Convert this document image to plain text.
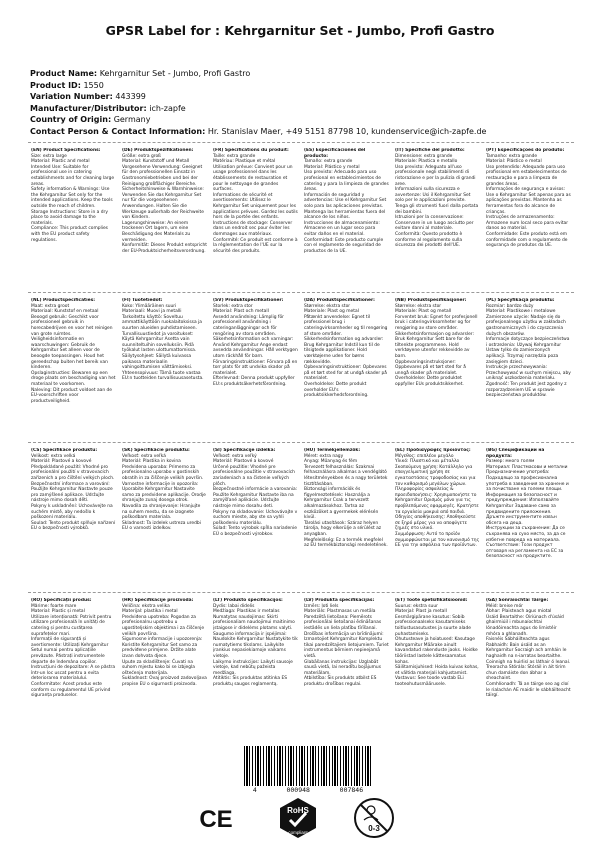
GPSR Label for : Kehrgarnitur Set - Jumbo, Profi Gastro
Product Name: Kehrgarnitur Set - Jumbo, Profi Gastro
Product ID: 1550
Variation Number: 443399
Manufacturer/Distributor: ich-zapfe
Country of Origin: Germany
Contact Person & Contact Information: Hr. Stanislav Maer, +49 5151 87798 10, kundenservice@ich-zapfe.de
(EN) Product Specifications:
Size: extra large
Material: Plastic and metal
Intended Use: Suitable for professional use in catering establishments and for cleaning large areas.
Safety information & Warnings: Use the Kehrgarnitur Set only for the intended applications. Keep the tools outside the reach of children.
Storage Instructions: Store in a dry place to avoid damage to the materials.
Compliance: This product complies with the EU product safety regulations.
(DE) Produktspezifikationen:
Größe: extra groß
Material: Kunststoff und Metall
Vorgesehene Verwendung: Geeignet für den professionellen Einsatz in Gastronomiebetrieben und bei der Reinigung großflächiger Bereiche.
Sicherheitshinweise & Warnhinweise: Verwenden Sie das Kehrgarnitur Set nur für die vorgesehenen Anwendungen. Halten Sie die Werkzeuge außerhalb der Reichweite von Kindern.
Lagerungshinweise: An einem trockenen Ort lagern, um eine Beschädigung des Materials zu vermeiden.
Konformität: Dieses Produkt entspricht der EU-Produktsicherheitsverordnung.
(FR) Spécifications du produit:
Taille: extra grande
Matériau: Plastique et métal
Utilisation prévue: Convient pour un usage professionnel dans les établissements de restauration et pour le nettoyage de grandes surfaces.
Informations de sécurité et avertissements: Utilisez le Kehrgarnitur Set uniquement pour les applications prévues. Gardez les outils hors de la portée des enfants.
Instructions de stockage: Conserver dans un endroit sec pour éviter les dommages aux matériaux.
Conformité: Ce produit est conforme à la réglementation de l'UE sur la sécurité des produits.
(ES) Especificaciones del producto:
Tamaño: extra grande
Material: Plástico y metal
Uso previsto: Adecuado para uso profesional en establecimientos de catering y para la limpieza de grandes áreas.
Información de seguridad y advertencias: Use el Kehrgarnitur Set solo para las aplicaciones previstas. Mantenga las herramientas fuera del alcance de los niños.
Instrucciones de almacenamiento: Almacene en un lugar seco para evitar daños en el material.
Conformidad: Este producto cumple con el reglamento de seguridad de productos de la UE.
(IT) Specifiche del prodotto:
Dimensione: extra grande
Materiale: Plastica e metallo
Uso previsto: Adeguato all'uso professionale negli stabilimenti di ristorazione e per la pulizia di grandi aree.
Informazioni sulla sicurezza e avvertenze: Usi il Kehrgarnitur Set solo per le applicazioni previste. Tenga gli strumenti fuori dalla portata dei bambini.
Istruzioni per la conservazione: Conservare in un luogo asciutto per evitare danni al materiale.
Conformità: Questo prodotto è conforme al regolamento sulla sicurezza dei prodotti dell'UE.
(PT) Especificações do produto:
Tamanho: extra grande
Material: Plástico e metal
Uso pretendido: Adequado para uso profissional em estabelecimentos de restauração e para a limpeza de grandes áreas.
Informações de segurança e avisos: Use o Kehrgarnitur Set apenas para as aplicações previstas. Mantenha as ferramentas fora do alcance de crianças.
Instruções de armazenamento: Armazene num local seco para evitar danos ao material.
Conformidade: Este produto está em conformidade com o regulamento de segurança de produtos da UE.
(NL) Productspecificaties:
Maat: extra groot
Materiaal: Kunststof en metaal
Beoogd gebruik: Geschikt voor professioneel gebruik in horecabedrijven en voor het reinigen van grote ruimtes.
Veiligheidsinformatie en waarschuwingen: Gebruik de Kehrgarnitur Set alleen voor de beoogde toepassingen. Houd het gereedschap buiten het bereik van kinderen.
Opslaginstructies: Bewaren op een droge plaats om beschadiging van het materiaal te voorkomen.
Naleving: Dit product voldoet aan de EU-voorschriften voor productveiligheid.
(FI) Tuotetiedot:
Koko: Ylimääräinen suuri
Materiaali: Muovi ja metalli
Tarkoitettu käyttö: Soveltuu ammattikäyttöön ruokalaitoksissa ja suurten alueiden puhdistamiseen.
Turvallisuustiedot ja varoitukset: Käytä Kehrgarnitur Asetta vain suunniteltuihin sovelluksiin. Pidä työkalut lasten ulottumattomissa.
Säilytysohjeet: Säilytä kuivassa paikassa materiaalin vahingoittumisen välttämiseksi.
Yhteensopivuus: Tämä tuote vastaa EU:n tuotteiden turvallisuusasetusta.
(SV) Produktspecifikationer:
Storlek: extra stor
Material: Plast och metall
Avsedd användning: Lämplig för professionell användning i cateringanläggningar och för rengöring av stora områden.
Säkerhetsinformation och varningar: Använd Kehrgarnitur Ange endast avsedda användningar. Håll verktygen utom räckhåll för barn.
Förvaringsinstruktioner: Förvara på en torr plats för att undvika skador på materialet.
Efterlevnad: Denna produkt uppfyller EU:s produktsäkerhetsförordning.
(DA) Produktspecifikationer:
Størrelse: ekstra stor
Materiale: Plast og metal
Påtænkt anvendelse: Egnet til professionel brug i cateringvirksomheder og til rengøring af store områder.
Sikkerhedsinformation og advarsler: Brug Kehrgarnitur Indstil kun til de tilsigtede applikationer. Hold værktøjerne uden for børns rækkevidde.
Opbevaringsinstruktioner: Opbevares på et tørt sted for at undgå skader på materialet.
Overholdelse: Dette produkt overholder EU's produktsikkerhedsforordning.
(NB) Produktspesifikasjoner:
Størrelse: ekstra stor
Materiale: Plast og metall
Forventet bruk: Egnet for profesjonell bruk i cateringvirksomheter og for rengjøring av store områder.
Sikkerhetsinformasjon og advarsler: Bruk Kehrgarnitur Sett bare for de tiltenkte programmene. Hold verktøyene utenfor rekkevidde av barn.
Oppbevaringsinstruksjoner: Oppbevares på et tørt sted for å unngå skader på materialet.
Overholdelse: Dette produktet oppfyller EUs produktsikkerhet.
(PL) Specyfikacja produktu:
Rozmiar: bardzo duży
Materiał: Plastikowe i metalowe
Zamierzone użycie: Nadaje się do profesjonalnego użytku w zakładach gastronomicznych i do czyszczenia dużych obszarów.
Informacje dotyczące bezpieczeństwa i ostrzeżenia: Używaj Kehrgarnitur Ustaw tylko do zamierzonych aplikacji. Trzymaj narzędzia poza zasięgiem dzieci.
Instrukcje przechowywania: Przechowywać w suchym miejscu, aby uniknąć uszkodzenia materiału.
Zgodność: Ten produkt jest zgodny z rozporządzeniem UE w sprawie bezpieczeństwa produktów.
(CS) Specifikace produktu:
Velikost: extra velká
Materiál: Plastové a kovové
Předpokládané použití: Vhodné pro profesionální použití v stravovacích zařízeních a pro čištění velkých ploch.
Bezpečnostní informace a varování: Použijte Kehrgarnitur Nastavte pouze pro zamýšlené aplikace. Udržujte nástroje mimo dosah dětí.
Pokyny k uskladnění: Uchovávejte na suchém místě, aby nedošlo k poškození materiálu.
Soulad: Tento produkt splňuje nařízení EU o bezpečnosti výrobků.
(SK) Špecifikácie produktu:
Veľkosť: extra veľká
Materiál: Plastika in kovina
Predvidena uporaba: Primerno za profesionalno uporabo v gostinskih obratih in za čiščenje velikih površin.
Varnostne informacije in opozorila: Uporabite Kehrgarnitur Nastavite samo za predvidene aplikacije. Orodje shranjujte zunaj dosega otrok.
Navodila za shranjevanje: Hranjujte na suhem mestu, da se izognete poškodbam materiala.
Skladnost: Ta izdelek ustreza uredbi EU o varnosti izdelkov.
(SI) Specifikacije izdelka:
Veľkosť: extra veľký
Materiál: Plastové a kovové
Určené použitie: Vhodné pre profesionálne použitie v stravovacích zariadeniach a na čistenie veľkých plôch.
Bezpečnostné informácie a varovania: Použite Kehrgarnitur Nastavte iba na zamýšľané aplikácie. Udržujte nástroje mimo dosahu detí.
Pokyny na skladovanie: Uchovávajte v suchom mieste, aby ste sa vyhli poškodeniu materiálu.
Súlad: Tento výrobok spĺňa nariadenie EÚ o bezpečnosti výrobkov.
(HU) Termékjellemzők:
Méret: extra nagy
Anyag: Műanyag és fém
Tervezett felhasználás: Szakmai felhasználásra alkalmas a vendéglátó létesítményekben és a nagy területek tisztításában.
Biztonsági információk és figyelmeztetések: Használja a Kehrgarnitur Csak a tervezett alkalmazásokhoz. Tartsa az eszközöket a gyermekek elérésén kívül.
Tárolási utasítások: Száraz helyen tárolja, hogy elkerülje a sérülést az anyagban.
Megfelelőség: Ez a termék megfelel az EU termékbiztonsági rendeletének.
(EL) Προδιαγραφές προϊόντος:
Μέγεθος: επιπλέον μεγάλο
Υλικό: Πλαστικό και μέταλλο
Σκοπούμενη χρήση: Κατάλληλο για επαγγελματική χρήση σε εγκαταστάσεις τροφοδοσίας και για τον καθαρισμό μεγάλων χώρων.
Πληροφορίες ασφαλείας & προειδοποιήσεις: Χρησιμοποιήστε το Kehrgarnitur Ορισμός μόνο για τις προβλεπόμενες εφαρμογές. Κρατήστε τα εργαλεία μακριά από παιδιά.
Οδηγίες αποθήκευσης: Αποθηκεύστε σε ξηρό μέρος για να αποφύγετε ζημιές στο υλικό.
Συμμόρφωση: Αυτό το προϊόν συμμορφώνεται με τον κανονισμό της ΕΕ για την ασφάλεια των προϊόντων.
(BG) Спецификации на продукта:
Размер: много голям
Материал: Пластмасови и метални
Предназначение употреба: Подходящо за професионална употреба в заведения за хранене и за почистване на големи площи.
Информация за безопасност и предупреждения: Използвайте Kehrgarnitur Задаване само за предвидените приложения. Дръжте инструментите извън обсега на деца.
Инструкции за съхранение: Да се съхранява на сухо място, за да се избегне повреда на материала.
Съответствие: Този продукт отговаря на регламента на ЕС за безопасност на продуктите.
(RO) Specificații produs:
Mărime: foarte mare
Material: Plastic și metal
Utilizare intenționată: Potrivit pentru utilizare profesională în unități de catering și pentru curățarea suprafețelor mari.
Informații de siguranță și avertismente: Utilizați Kehrgarnitur Setul numai pentru aplicațiile prevăzute. Păstrați instrumentele departe de îndemâna copiilor.
Instrucțiuni de depozitare: A se păstra într-un loc uscat pentru a evita deteriorarea materialului.
Conformitate: Acest produs este conform cu regulamentul UE privind siguranța produselor.
(HR) Specifikacije proizvoda:
Veličina: ekstra velika
Materijal: plastika i metal
Predviđena upotreba: Pogodan za profesionalnu upotrebu u ugostiteljskim objektima i za čišćenje velikih površina.
Sigurnosne informacije i upozorenja: Koristite Kehrgarnitur Set samo za predviđene primjene. Držite alate izvan dohvata djece.
Upute za skladištenje: Čuvati na suhom mjestu kako bi se izbjegla oštećenja materijala.
Sukladnost: Ovaj proizvod zadovoljava propise EU o sigurnosti proizvoda.
(LT) Produkto specifikacijos:
Dydis: labai didelis
Medžiaga: Plastikas ir metalas
Numatytas naudojimas: Skirti profesionaliam naudojimui maitinimo įstaigose ir didelėms plotams valyti.
Saugumo informacija ir įspėjimai: Naudokite Kehrgarnitur Nustatykite tik numatytiems tikslams. Laikykite įrankius nepasiekiamoje vaikams vietoje.
Laikymo instrukcijos: Laikyti sausoje vietoje, kad nebūtų pažeista medžiaga.
Atitiktis: Šis produktas atitinka ES produktų saugos reglamentą.
(LV) Produkta specifikācijas:
Izmērs: ļoti liels
Materiāls: Plastmasas un metāla
Paredzētā lietošana: Piemērots profesionālai lietošanai ēdināšanas iestādēs un liela platību tīrīšanai.
Drošības informācija un brīdinājumi: Izmantojiet Kehrgarnitur Komplektu tikai paredzētajiem lietojumiem. Turiet instrumentus bērniem nepieejamā vietā.
Glabāšanas instrukcijas: Uzglabāt sausā vietā, lai neradītu bojājumus materiālam.
Atbilstība: Šis produkts atbilst ES produktu drošības regulai.
(ET) Toote spetsifikatsioonid:
Suurus: ekstra suur
Materjal: Plast ja metall
Eesmärgipärane kasutus: Sobib professionaalseks kasutamiseks toitlustusasutustes ja suurte alade puhastamiseks.
Ohutusteave ja hoiatused: Kasutage Kehrgarnitur Määrake ainult kavandatud rakenduste jaoks. Hoidke tööriistad lastele kättesaamatus kohas.
Säilitamisjuhised: Hoida kuivas kohas, et vältida materjali kahjustamist.
Vastavus: See toode vastab ELi tooteohutusmäärusele.
(GA) Sonraíochtaí Táirge:
Méid: breise mór
Ábhar: Plaisteach agus miotal
Úsáid Beartaithe: Oiriúnach d'úsáid ghairmiúil i mbunaíochtaí lónadóireachta agus do limistéir mhóra a ghlanadh.
Faisnéis Sábháilteachta agus Rabhaidh: Bain úsáid as an Kehrgarnitur Socraigh ach amháin le haghaidh na n-iarratas beartaithe. Coinnigh na huirlisí as láthair ó leanaí.
Treoracha Stórála: Stóráil in áit tirim chun damáiste don ábhar a sheachaint.
Comhlíonadh: Tá an táirge seo ag cloí le rialachán AE maidir le sábháilteacht táirgí.
4	000948	007846
CE	RoHS
compliant	0-3
